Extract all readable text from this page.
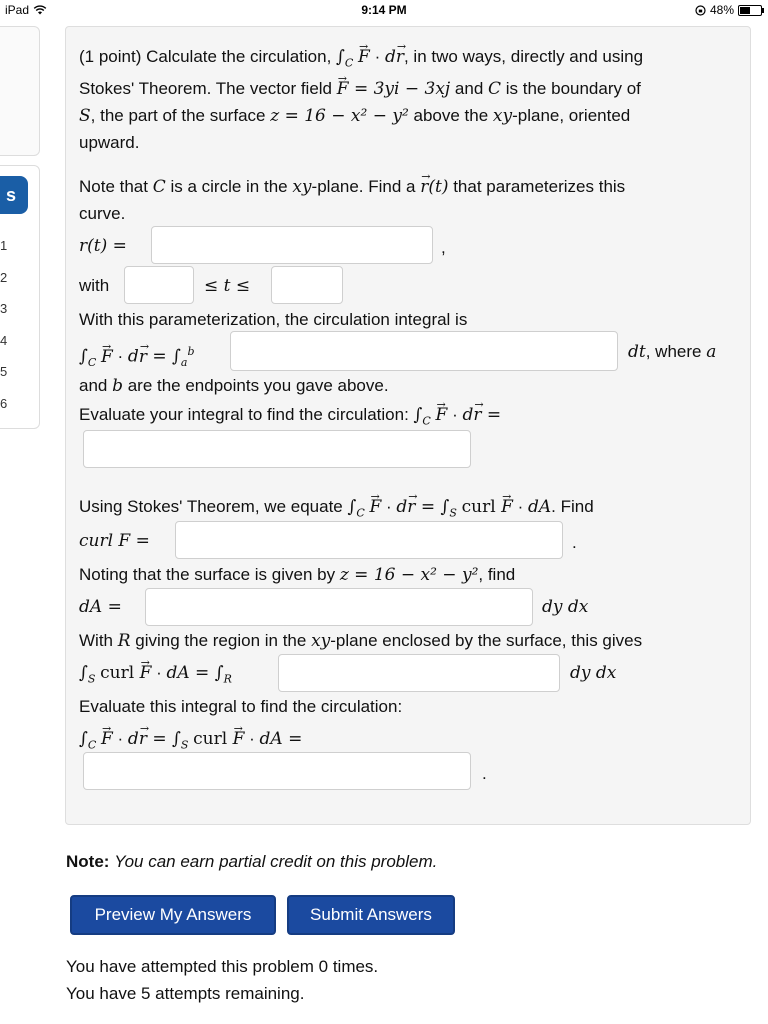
iPad	9:14 PM	48%
s
1
2
3
4
5
6
(1 point) Calculate the circulation, $\int_C \to F \cdot d\to r$, in two ways, directly and using
Stokes' Theorem. The vector field → F = 3yi − 3xj and C is the boundary of
S, the part of the surface z = 16 − x² − y² above the xy-plane, oriented
upward.
Note that C is a circle in the xy-plane. Find a → r(t) that parameterizes this
curve.
r(t) =	,
with	≤ t ≤
With this parameterization, the circulation integral is
$\int_C \to F \cdot d\to r = \int_a^b$	dt, where a
and b are the endpoints you gave above.
Evaluate your integral to find the circulation: $\int_C \to F \cdot d\to r$ =
Using Stokes' Theorem, we equate $\int_C \to F \cdot d\to r = \int_S$ curl → F · dA. Find
curl F =	.
Noting that the surface is given by z = 16 − x² − y², find
dA =	dy dx
With R giving the region in the xy-plane enclosed by the surface, this gives
$\int_S$ curl → F · dA = $\int_R$	dy dx
Evaluate this integral to find the circulation:
$\int_C \to F \cdot d\to r = \int_S$ curl → F · dA =
.
Note: You can earn partial credit on this problem.
Preview My Answers	Submit Answers
You have attempted this problem 0 times.
You have 5 attempts remaining.
